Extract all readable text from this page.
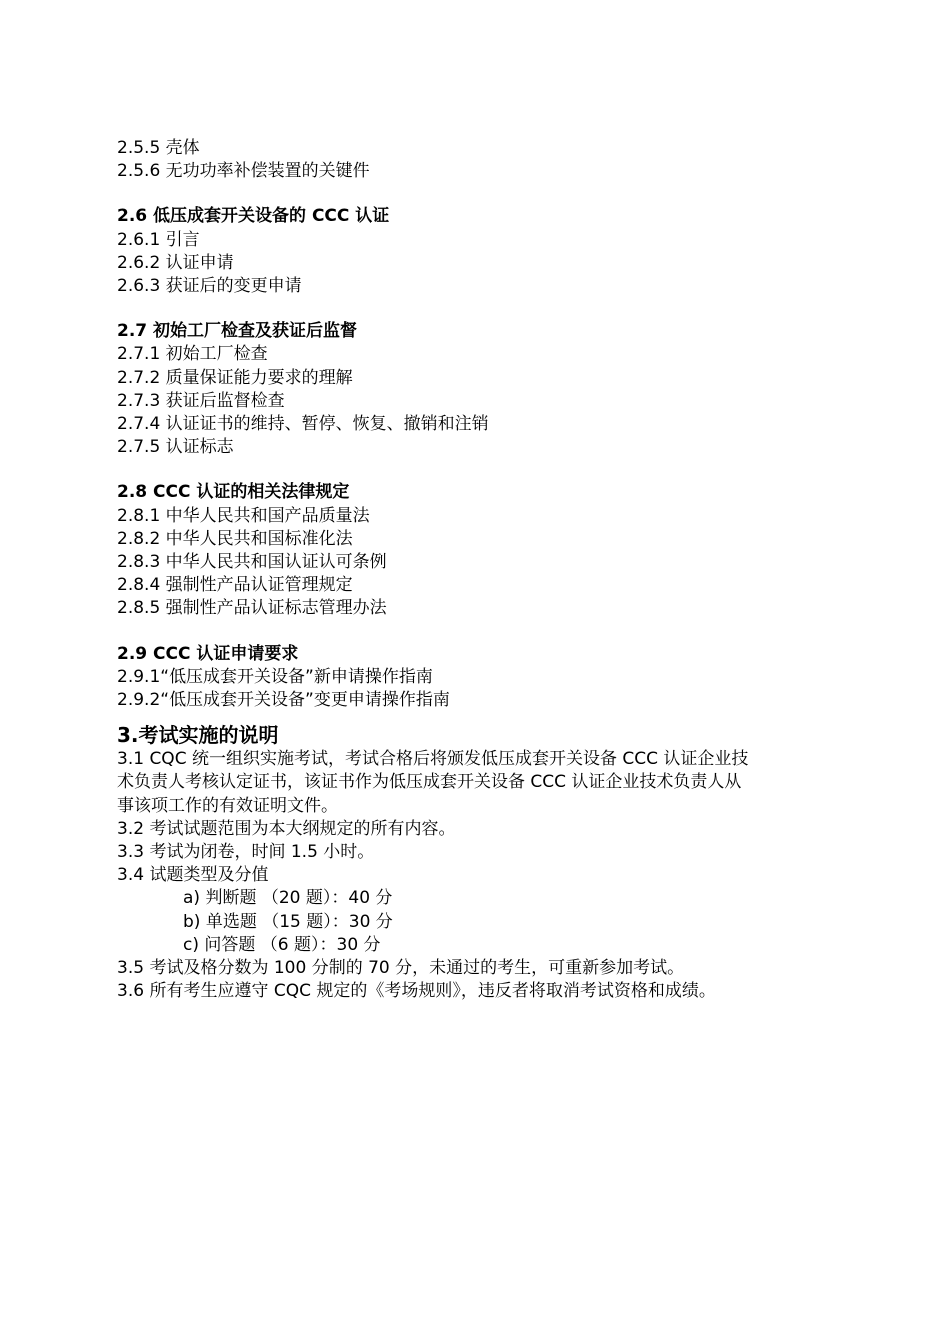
2.5.5 壳体
2.5.6 无功功率补偿装置的关键件
2.6 低压成套开关设备的 CCC 认证
2.6.1 引言
2.6.2 认证申请
2.6.3 获证后的变更申请
2.7 初始工厂检查及获证后监督
2.7.1 初始工厂检查
2.7.2 质量保证能力要求的理解
2.7.3 获证后监督检查
2.7.4 认证证书的维持、暂停、恢复、撤销和注销
2.7.5 认证标志
2.8 CCC 认证的相关法律规定
2.8.1 中华人民共和国产品质量法
2.8.2 中华人民共和国标准化法
2.8.3 中华人民共和国认证认可条例
2.8.4 强制性产品认证管理规定
2.8.5 强制性产品认证标志管理办法
2.9 CCC 认证申请要求
2.9.1“低压成套开关设备”新申请操作指南
2.9.2“低压成套开关设备”变更申请操作指南
3.考试实施的说明
3.1 CQC 统一组织实施考试，考试合格后将颁发低压成套开关设备 CCC 认证企业技
术负责人考核认定证书，该证书作为低压成套开关设备 CCC 认证企业技术负责人从
事该项工作的有效证明文件。
3.2 考试试题范围为本大纲规定的所有内容。
3.3 考试为闭卷，时间 1.5 小时。
3.4 试题类型及分值
a) 判断题 （20 题）：40 分
b) 单选题 （15 题）：30 分
c) 问答题 （6 题）：30 分
3.5 考试及格分数为 100 分制的 70 分，未通过的考生，可重新参加考试。
3.6 所有考生应遵守 CQC 规定的《考场规则》，违反者将取消考试资格和成绩。
